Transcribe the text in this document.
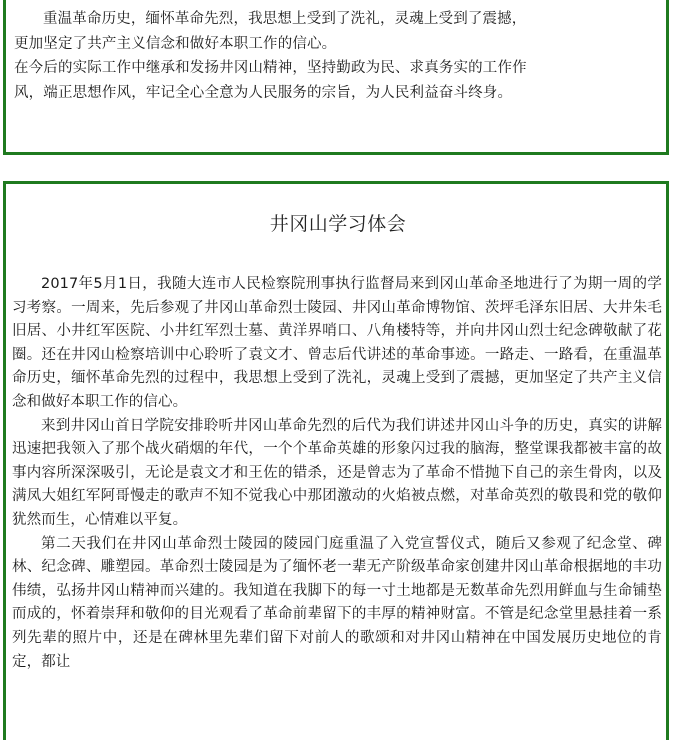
重温革命历史，缅怀革命先烈，我思想上受到了洗礼，灵魂上受到了震撼，更加坚定了共产主义信念和做好本职工作的信心。

在今后的实际工作中继承和发扬井冈山精神，坚持勤政为民、求真务实的工作作风，端正思想作风，牢记全心全意为人民服务的宗旨，为人民利益奋斗终身。

井冈山学习体会

2017年5月1日，我随大连市人民检察院刑事执行监督局来到冈山革命圣地进行了为期一周的学习考察。一周来，先后参观了井冈山革命烈士陵园、井冈山革命博物馆、茨坪毛泽东旧居、大井朱毛旧居、小井红军医院、小井红军烈士墓、黄洋界哨口、八角楼特等，并向井冈山烈士纪念碑敬献了花圈。还在井冈山检察培训中心聆听了袁文才、曾志后代讲述的革命事迹。一路走、一路看，在重温革命历史，缅怀革命先烈的过程中，我思想上受到了洗礼，灵魂上受到了震撼，更加坚定了共产主义信念和做好本职工作的信心。

来到井冈山首日学院安排聆听井冈山革命先烈的后代为我们讲述井冈山斗争的历史，真实的讲解迅速把我领入了那个战火硝烟的年代，一个个革命英雄的形象闪过我的脑海，整堂课我都被丰富的故事内容所深深吸引，无论是袁文才和王佐的错杀，还是曾志为了革命不惜抛下自己的亲生骨肉，以及满凤大姐红军阿哥慢走的歌声不知不觉我心中那团激动的火焰被点燃，对革命英烈的敬畏和党的敬仰犹然而生，心情难以平复。

第二天我们在井冈山革命烈士陵园的陵园门庭重温了入党宣誓仪式，随后又参观了纪念堂、碑林、纪念碑、雕塑园。革命烈士陵园是为了缅怀老一辈无产阶级革命家创建井冈山革命根据地的丰功伟绩，弘扬井冈山精神而兴建的。我知道在我脚下的每一寸土地都是无数革命先烈用鲜血与生命铺垫而成的，怀着崇拜和敬仰的目光观看了革命前辈留下的丰厚的精神财富。不管是纪念堂里悬挂着一系列先辈的照片中，还是在碑林里先辈们留下对前人的歌颂和对井冈山精神在中国发展历史地位的肯定，都让
